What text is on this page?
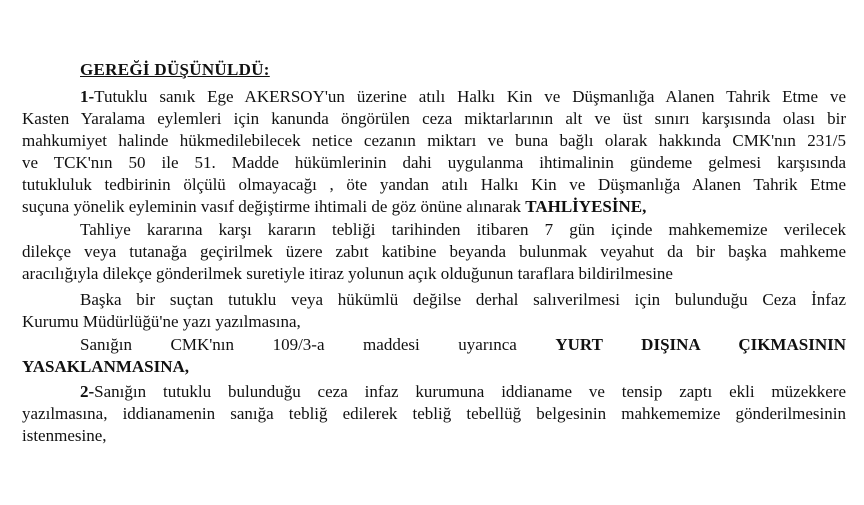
GEREĞİ DÜŞÜNÜLDÜ:
1-Tutuklu sanık Ege AKERSOY'un üzerine atılı Halkı Kin ve Düşmanlığa Alanen Tahrik Etme ve
Kasten Yaralama eylemleri için kanunda öngörülen ceza miktarlarının alt ve üst sınırı karşısında olası bir
mahkumiyet halinde hükmedilebilecek netice cezanın miktarı ve buna bağlı olarak hakkında CMK'nın 231/5
ve TCK'nın 50 ile 51. Madde hükümlerinin dahi uygulanma ihtimalinin gündeme gelmesi karşısında
tutukluluk tedbirinin ölçülü olmayacağı , öte yandan atılı Halkı Kin ve Düşmanlığa Alanen Tahrik Etme
suçuna yönelik eyleminin vasıf değiştirme ihtimali de göz önüne alınarak TAHLİYESİNE,
Tahliye kararına karşı kararın tebliği tarihinden itibaren 7 gün içinde mahkememize verilecek
dilekçe veya tutanağa geçirilmek üzere zabıt katibine beyanda bulunmak veyahut da bir başka mahkeme
aracılığıyla dilekçe gönderilmek suretiyle itiraz yolunun açık olduğunun taraflara bildirilmesine
Başka bir suçtan tutuklu veya hükümlü değilse derhal salıverilmesi için bulunduğu Ceza İnfaz
Kurumu Müdürlüğü'ne yazı yazılmasına,
Sanığın CMK'nın 109/3-a maddesi uyarınca YURT DIŞINA ÇIKMASININ
YASAKLANMASINA,
2-Sanığın tutuklu bulunduğu ceza infaz kurumuna iddianame ve tensip zaptı ekli müzekkere
yazılmasına, iddianamenin sanığa tebliğ edilerek tebliğ tebellüğ belgesinin mahkememize gönderilmesinin
istenmesine,
